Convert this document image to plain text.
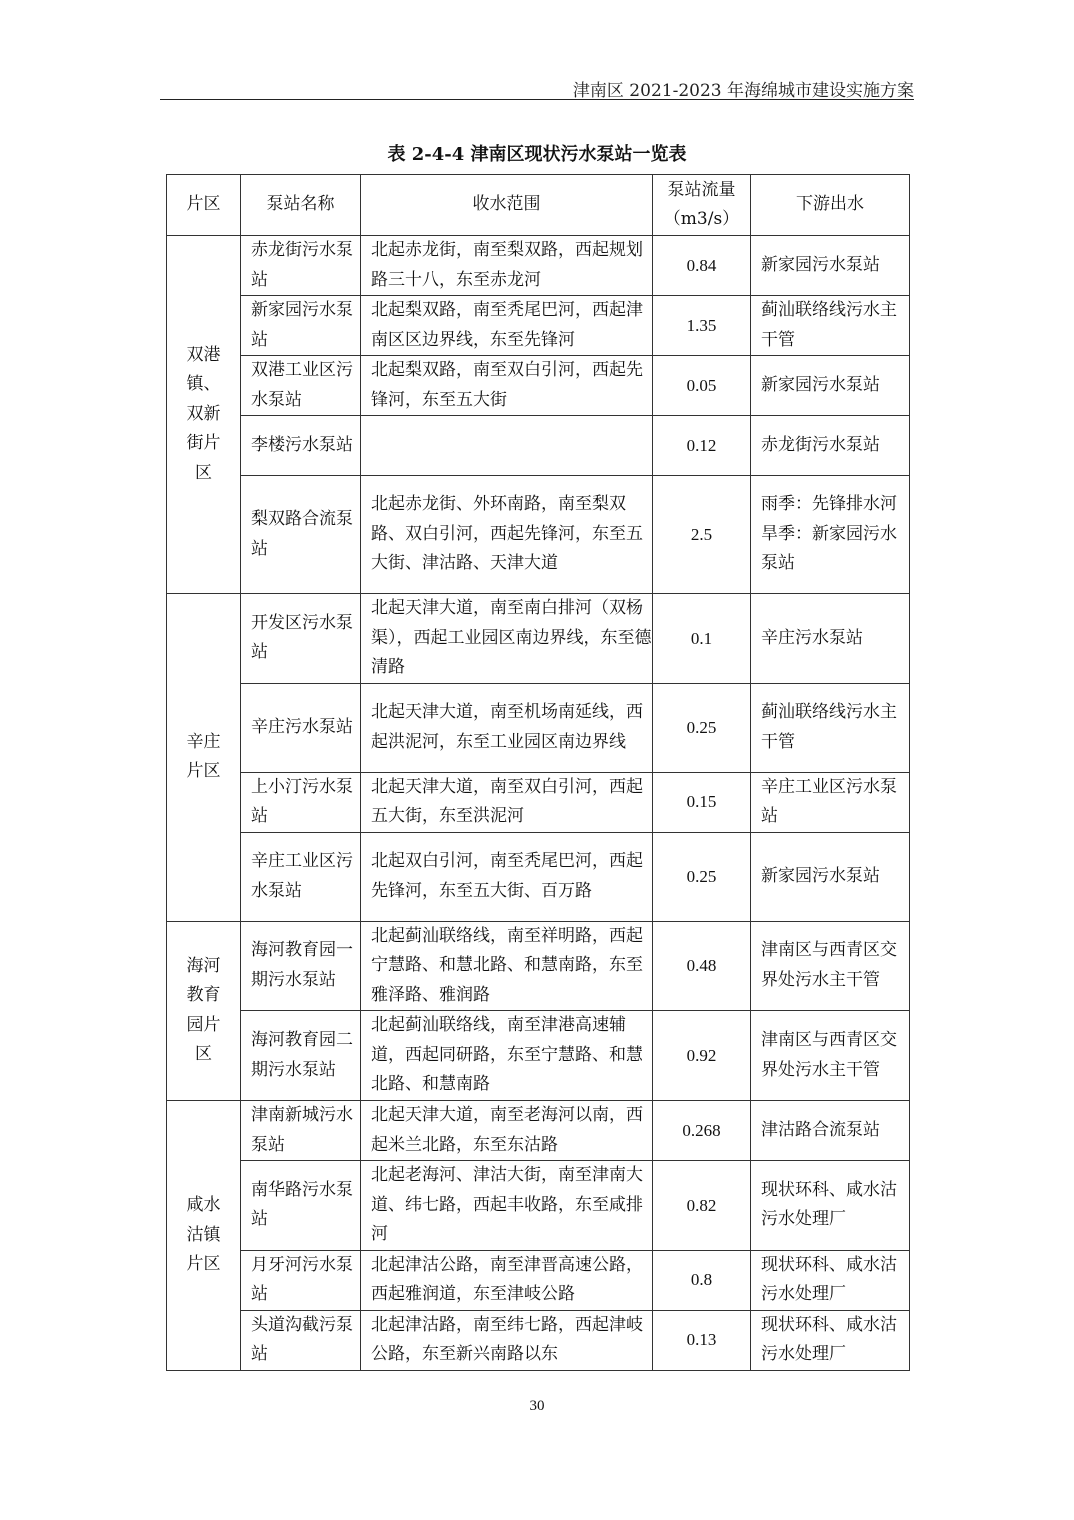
津南区 2021-2023 年海绵城市建设实施方案
表 2-4-4 津南区现状污水泵站一览表
片区	泵站名称	收水范围	泵站流量（m3/s）	下游出水
双港镇、双新街片区	赤龙街污水泵站	北起赤龙街，南至梨双路，西起规划路三十八，东至赤龙河	0.84	新家园污水泵站
	新家园污水泵站	北起梨双路，南至秃尾巴河，西起津南区区边界线，东至先锋河	1.35	蓟汕联络线污水主干管
	双港工业区污水泵站	北起梨双路，南至双白引河，西起先锋河，东至五大街	0.05	新家园污水泵站
	李楼污水泵站		0.12	赤龙街污水泵站
	梨双路合流泵站	北起赤龙街、外环南路，南至梨双路、双白引河，西起先锋河，东至五大街、津沽路、天津大道	2.5	雨季：先锋排水河 旱季：新家园污水泵站
辛庄片区	开发区污水泵站	北起天津大道，南至南白排河（双杨渠），西起工业园区南边界线，东至德清路	0.1	辛庄污水泵站
	辛庄污水泵站	北起天津大道，南至机场南延线，西起洪泥河，东至工业园区南边界线	0.25	蓟汕联络线污水主干管
	上小汀污水泵站	北起天津大道，南至双白引河，西起五大街，东至洪泥河	0.15	辛庄工业区污水泵站
	辛庄工业区污水泵站	北起双白引河，南至秃尾巴河，西起先锋河，东至五大街、百万路	0.25	新家园污水泵站
海河教育园片区	海河教育园一期污水泵站	北起蓟汕联络线，南至祥明路，西起宁慧路、和慧北路、和慧南路，东至雅泽路、雅润路	0.48	津南区与西青区交界处污水主干管
	海河教育园二期污水泵站	北起蓟汕联络线，南至津港高速辅道，西起同研路，东至宁慧路、和慧北路、和慧南路	0.92	津南区与西青区交界处污水主干管
咸水沽镇片区	津南新城污水泵站	北起天津大道，南至老海河以南，西起米兰北路，东至东沽路	0.268	津沽路合流泵站
	南华路污水泵站	北起老海河、津沽大街，南至津南大道、纬七路，西起丰收路，东至咸排河	0.82	现状环科、咸水沽污水处理厂
	月牙河污水泵站	北起津沽公路，南至津晋高速公路，西起雅润道，东至津岐公路	0.8	现状环科、咸水沽污水处理厂
	头道沟截污泵站	北起津沽路，南至纬七路，西起津岐公路，东至新兴南路以东	0.13	现状环科、咸水沽污水处理厂
30
